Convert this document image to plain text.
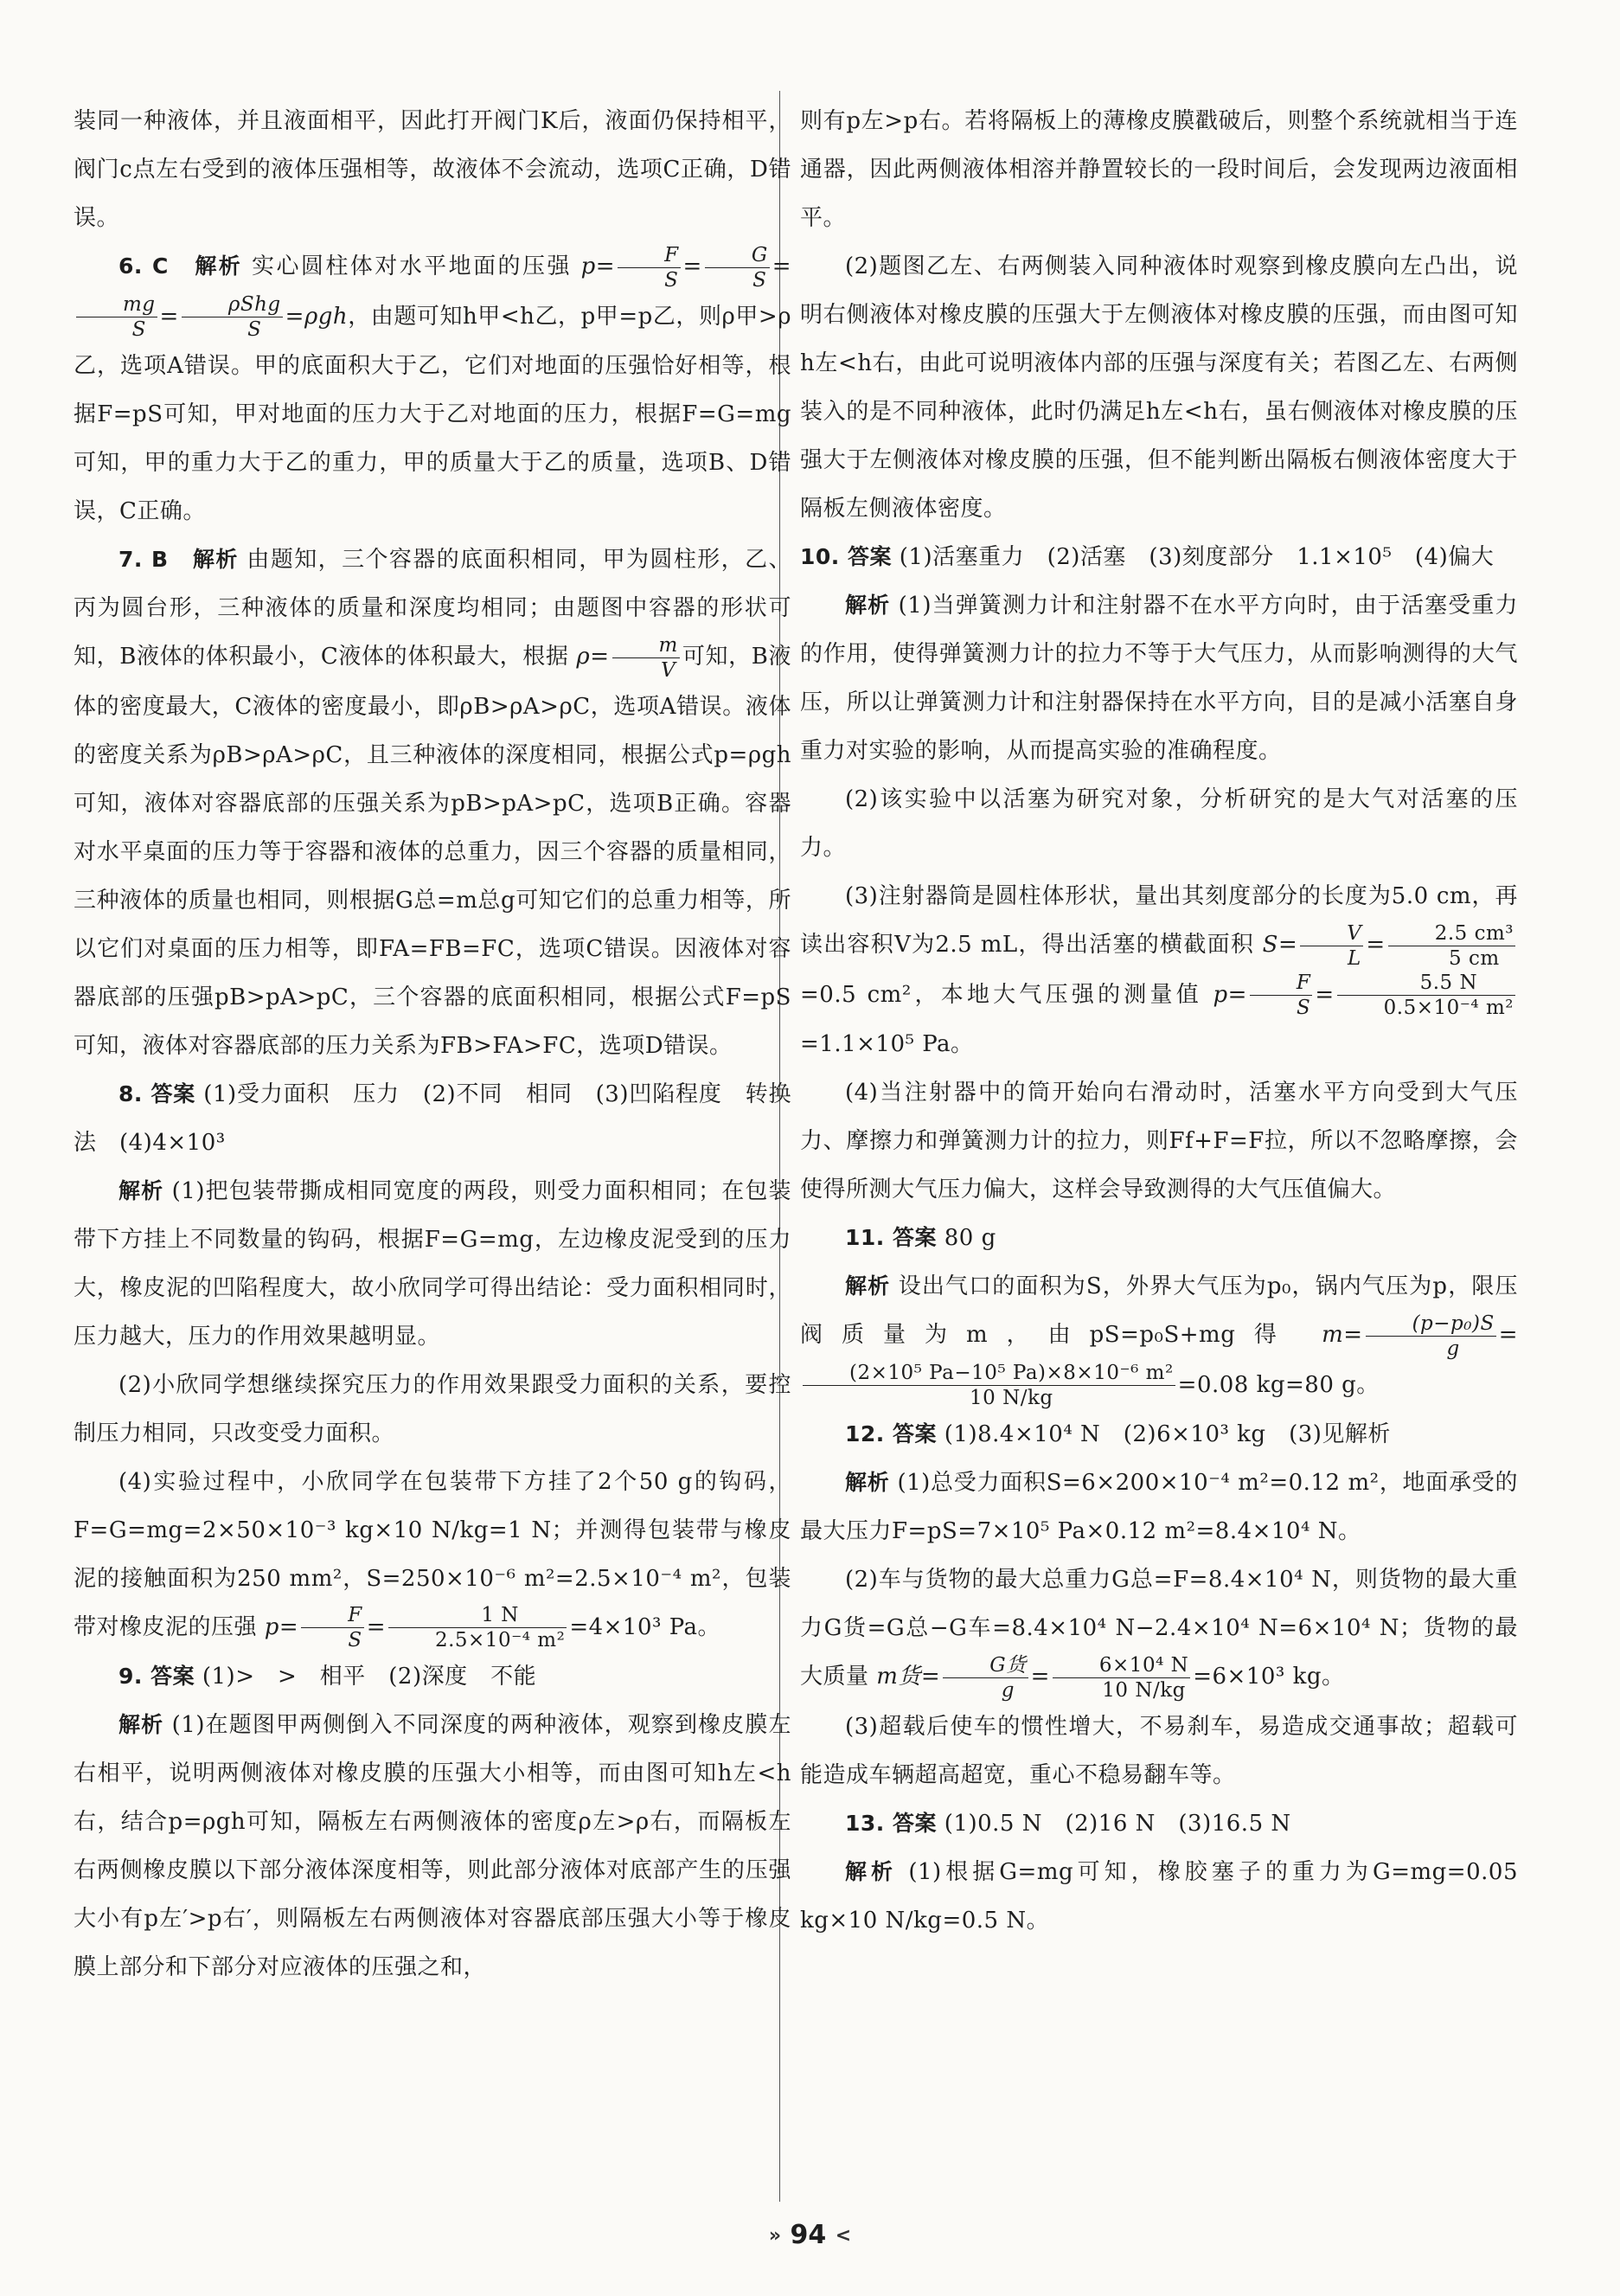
装同一种液体，并且液面相平，因此打开阀门K后，液面仍保持相平，阀门c点左右受到的液体压强相等，故液体不会流动，选项C正确，D错误。

6. C　 解析 实心圆柱体对水平地面的压强 $p= \frac{F}{S} = \frac{G}{S}$ =
$\frac{mg}{S}$ =	ρShg
S
=ρgh，由题可知h甲<h乙，p甲=p乙，则ρ甲>ρ乙，选项A错误。甲的底面积大于乙，它们对地面的压强恰好相等，根据F=pS可知，甲对地面的压力大于乙对地面的压力，根据F=G=mg可知，甲的重力大于乙的重力，甲的质量大于乙的质量，选项B、D错误，C正确。

7. B　 解析 由题知，三个容器的底面积相同，甲为圆柱形，乙、丙为圆台形，三种液体的质量和深度均相同；由题图中容器的形状可知，B液体的体积最小，C液体的体积最大，根据 $\rho= \frac{m}{V}$ 可知，B液体的密度最大，C液体的密度最小，即ρB>ρA>ρC，选项A错误。液体的密度关系为ρB>ρA>ρC，且三种液体的深度相同，根据公式p=ρgh可知，液体对容器底部的压强关系为pB>pA>pC，选项B正确。容器对水平桌面的压力等于容器和液体的总重力，因三个容器的质量相同，三种液体的质量也相同，则根据G总=m总g可知它们的总重力相等，所以它们对桌面的压力相等，即FA=FB=FC，选项C错误。因液体对容器底部的压强pB>pA>pC，三个容器的底面积相同，根据公式F=pS可知，液体对容器底部的压力关系为FB>FA>FC，选项D错误。

8. 答案 (1)受力面积　压力　(2)不同　相同　(3)凹陷程度　转换法　(4)4×10³

解析 (1)把包装带撕成相同宽度的两段，则受力面积相同；在包装带下方挂上不同数量的钩码，根据F=G=mg，左边橡皮泥受到的压力大，橡皮泥的凹陷程度大，故小欣同学可得出结论：受力面积相同时，压力越大，压力的作用效果越明显。

(2)小欣同学想继续探究压力的作用效果跟受力面积的关系，要控制压力相同，只改变受力面积。

(4)实验过程中，小欣同学在包装带下方挂了2个50 g的钩码，F=G=mg=2×50×10⁻³ kg×10 N/kg=1 N；并测得包装带与橡皮泥的接触面积为250 mm²，S=250×10⁻⁶ m²=2.5×10⁻⁴ m²，包装带对橡皮泥的压强 $p= \frac{F}{S} = \frac{1 N}{\text{2.5×10⁻⁴ m²}} =4\times 10^3$ Pa。

9. 答案 (1)>　>　相平　(2)深度　不能

解析 (1)在题图甲两侧倒入不同深度的两种液体，观察到橡皮膜左右相平，说明两侧液体对橡皮膜的压强大小相等，而由图可知h左<h右，结合p=ρgh可知，隔板左右两侧液体的密度ρ左>ρ右，而隔板左右两侧橡皮膜以下部分液体深度相等，则此部分液体对底部产生的压强大小有p左′>p右′，则隔板左右两侧液体对容器底部压强大小等于橡皮膜上部分和下部分对应液体的压强之和，

则有p左>p右。若将隔板上的薄橡皮膜戳破后，则整个系统就相当于连通器，因此两侧液体相溶并静置较长的一段时间后，会发现两边液面相平。

(2)题图乙左、右两侧装入同种液体时观察到橡皮膜向左凸出，说明右侧液体对橡皮膜的压强大于左侧液体对橡皮膜的压强，而由图可知h左<h右，由此可说明液体内部的压强与深度有关；若图乙左、右两侧装入的是不同种液体，此时仍满足h左<h右，虽右侧液体对橡皮膜的压强大于左侧液体对橡皮膜的压强，但不能判断出隔板右侧液体密度大于隔板左侧液体密度。

10. 答案 (1)活塞重力　(2)活塞　(3)刻度部分　1.1×10⁵　(4)偏大

解析 (1)当弹簧测力计和注射器不在水平方向时，由于活塞受重力的作用，使得弹簧测力计的拉力不等于大气压力，从而影响测得的大气压，所以让弹簧测力计和注射器保持在水平方向，目的是减小活塞自身重力对实验的影响，从而提高实验的准确程度。

(2)该实验中以活塞为研究对象，分析研究的是大气对活塞的压力。

(3)注射器筒是圆柱体形状，量出其刻度部分的长度为5.0 cm，再读出容积V为2.5 mL，得出活塞的横截面积 $S= \frac{V}{L} = \frac{\text{2.5 cm³}}{5 cm}$
=0.5 cm²，本地大气压强的测量值 $p= \frac{F}{S} = \frac{5.5 N}{\text{0.5×10⁻⁴ m²}}$
=1.1×10⁵ Pa。

(4)当注射器中的筒开始向右滑动时，活塞水平方向受到大气压力、摩擦力和弹簧测力计的拉力，则Ff+F=F拉，所以不忽略摩擦，会使得所测大气压力偏大，这样会导致测得的大气压值偏大。

11. 答案 80 g

解析 设出气口的面积为S，外界大气压为p₀，锅内气压为p，限压阀质量为m，由pS=p₀S+mg得 $m= \frac{\text{(p−p₀)S}}{g}$ =
$\frac{\text{(2×10⁵ Pa−10⁵ Pa)×8×10⁻⁶ m²}}{10 N/kg} =0.08$ kg=80 g。

12. 答案 (1)8.4×10⁴ N　(2)6×10³ kg　(3)见解析

解析 (1)总受力面积S=6×200×10⁻⁴ m²=0.12 m²，地面承受的最大压力F=pS=7×10⁵ Pa×0.12 m²=8.4×10⁴ N。

(2)车与货物的最大总重力G总=F=8.4×10⁴ N，则货物的最大重力G货=G总−G车=8.4×10⁴ N−2.4×10⁴ N=6×10⁴ N；货物的最大质量 m货=	G货
g
= $\frac{\text{6×10⁴ N}}{10 N/kg} =6\times 10^3$ kg。

(3)超载后使车的惯性增大，不易刹车，易造成交通事故；超载可能造成车辆超高超宽，重心不稳易翻车等。

13. 答案 (1)0.5 N　(2)16 N　(3)16.5 N

解析 (1)根据G=mg可知，橡胶塞子的重力为G=mg=0.05 kg×10 N/kg=0.5 N。

» 94 <
